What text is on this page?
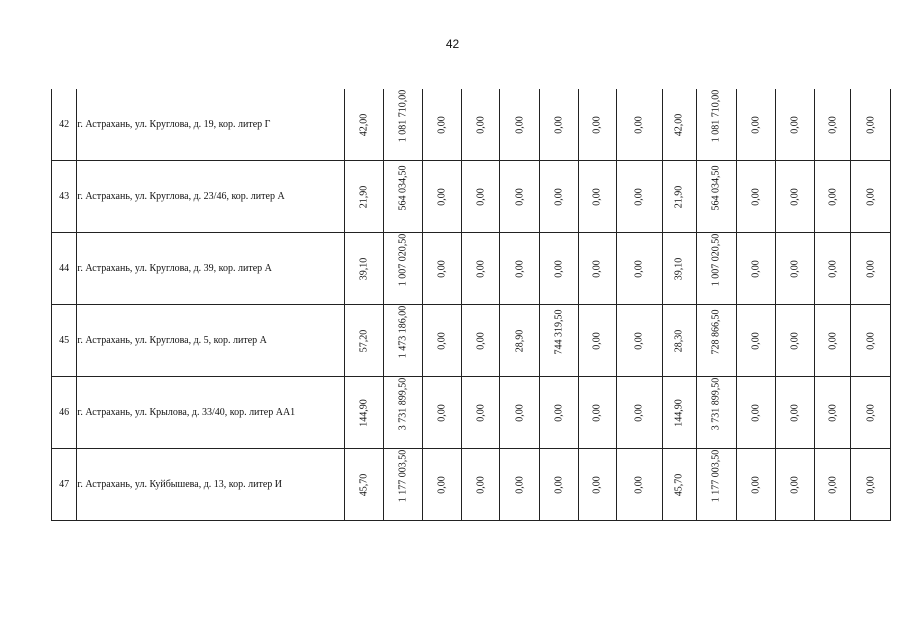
42
42	г. Астрахань, ул. Круглова, д. 19, кор. литер Г	42,00	1 081 710,00	0,00	0,00	0,00	0,00	0,00	0,00	42,00	1 081 710,00	0,00	0,00	0,00	0,00

43	г. Астрахань, ул. Круглова, д. 23/46, кор. литер А	21,90	564 034,50	0,00	0,00	0,00	0,00	0,00	0,00	21,90	564 034,50	0,00	0,00	0,00	0,00

44	г. Астрахань, ул. Круглова, д. 39, кор. литер А	39,10	1 007 020,50	0,00	0,00	0,00	0,00	0,00	0,00	39,10	1 007 020,50	0,00	0,00	0,00	0,00

45	г. Астрахань, ул. Круглова, д. 5, кор. литер А	57,20	1 473 186,00	0,00	0,00	28,90	744 319,50	0,00	0,00	28,30	728 866,50	0,00	0,00	0,00	0,00

46	г. Астрахань, ул. Крылова, д. 33/40, кор. литер АА1	144,90	3 731 899,50	0,00	0,00	0,00	0,00	0,00	0,00	144,90	3 731 899,50	0,00	0,00	0,00	0,00

47	г. Астрахань, ул. Куйбышева, д. 13, кор. литер И	45,70	1 177 003,50	0,00	0,00	0,00	0,00	0,00	0,00	45,70	1 177 003,50	0,00	0,00	0,00	0,00
